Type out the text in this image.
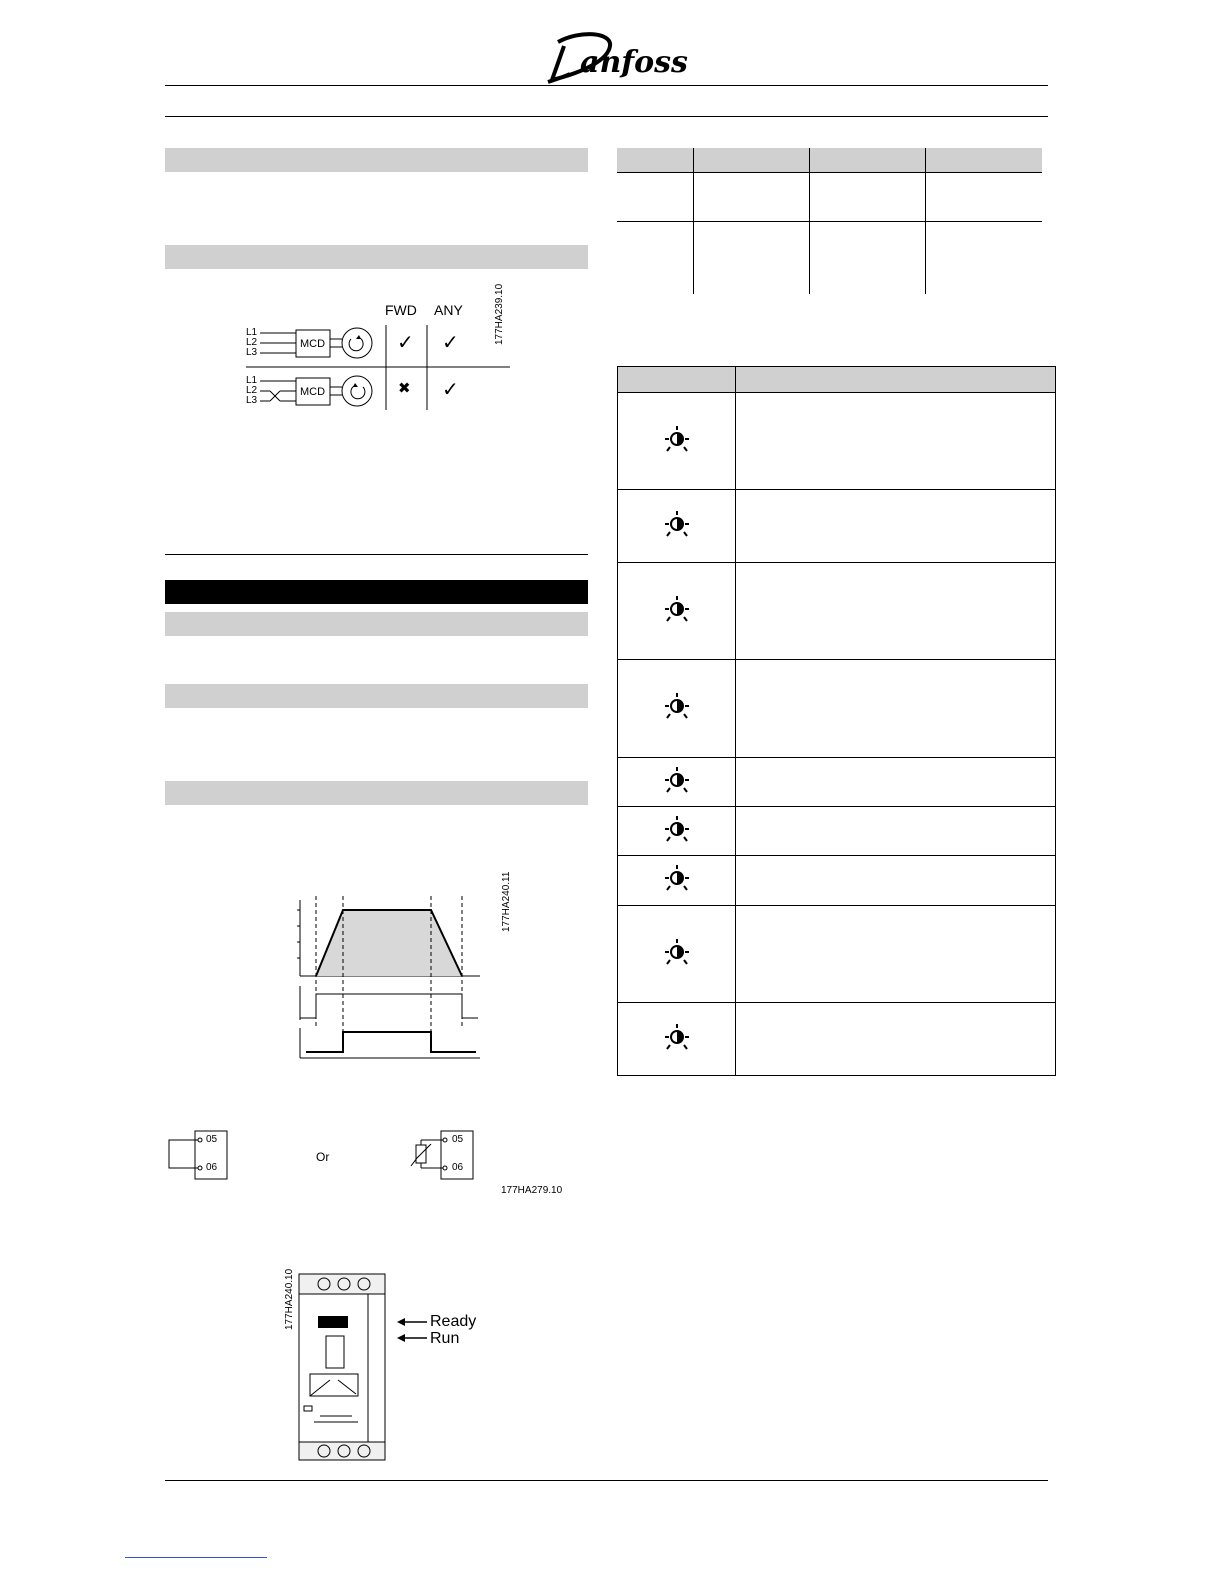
anfoss
FWD ANY
L1
L2
L3
L1
L2
L3
MCD
MCD
✓ ✓
✖ ✓
177HA239.10
177HA240.11
05
06
Or
05
06
177HA279.10
177HA240.10	Ready
Run
